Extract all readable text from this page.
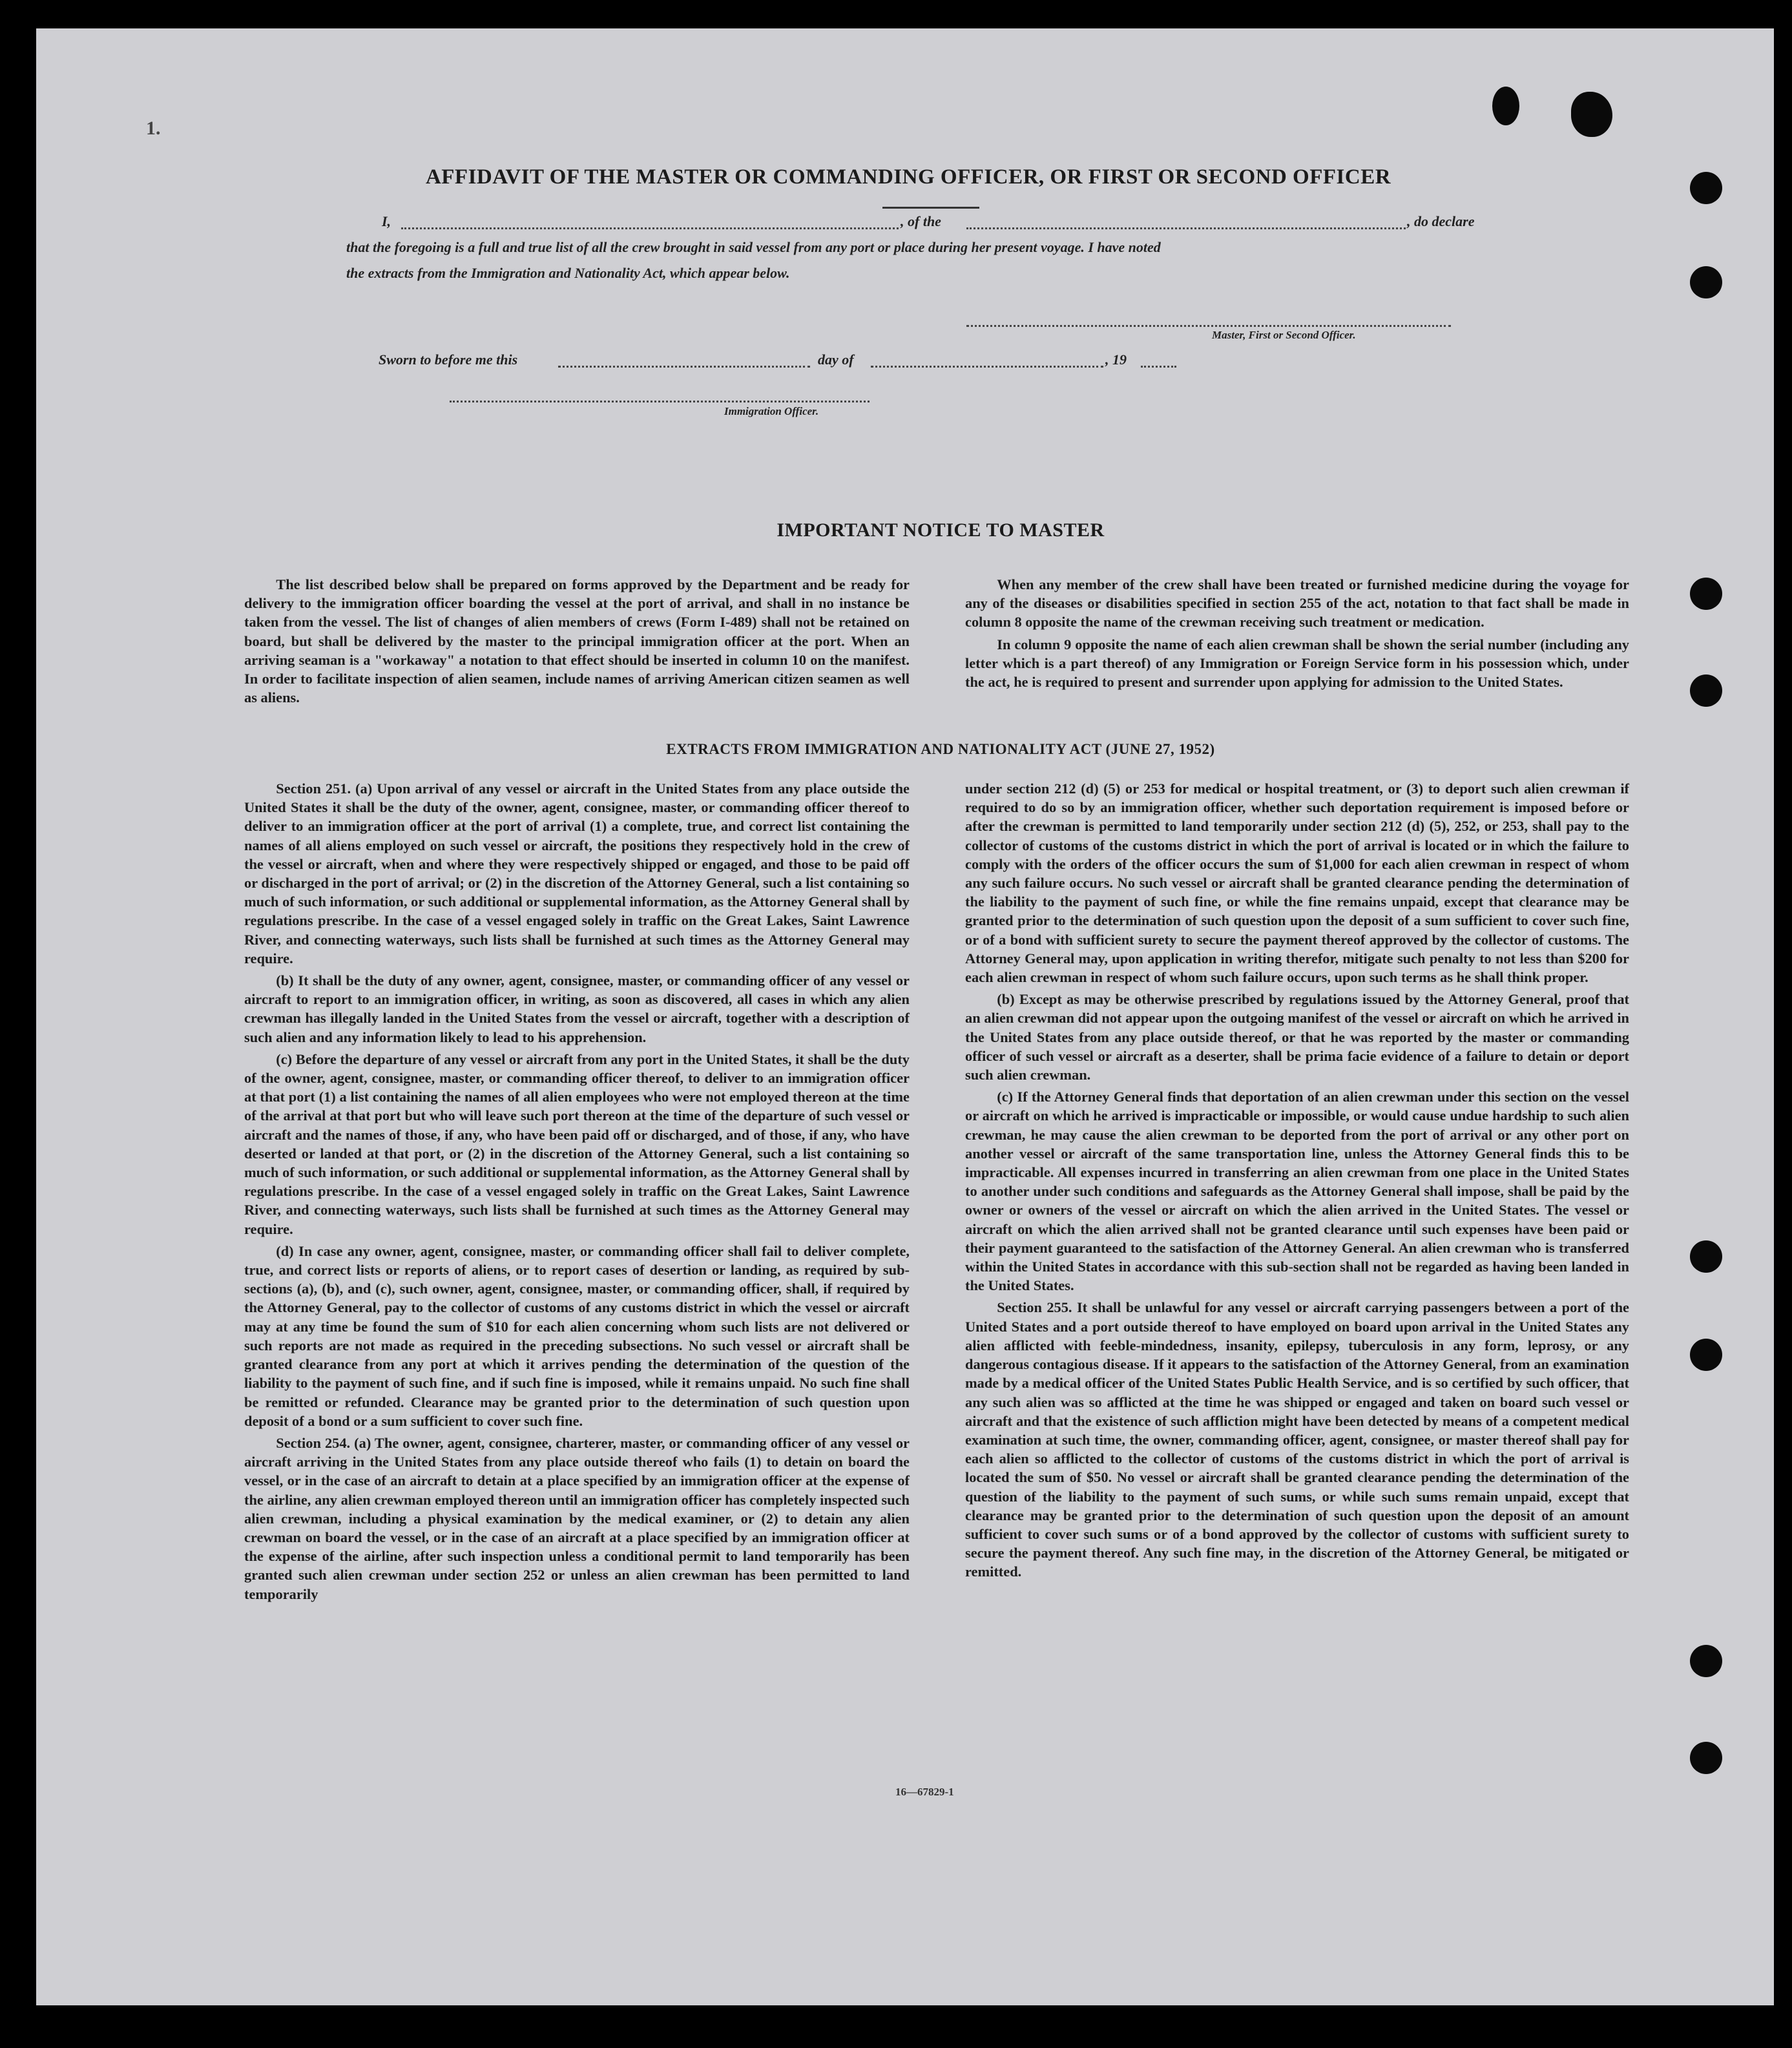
1.
AFFIDAVIT OF THE MASTER OR COMMANDING OFFICER, OR FIRST OR SECOND OFFICER
I,	, of the	, do declare
that the foregoing is a full and true list of all the crew brought in said vessel from any port or place during her present voyage. I have noted
the extracts from the Immigration and Nationality Act, which appear below.
Master, First or Second Officer.
Sworn to before me this	day of	, 19
Immigration Officer.
IMPORTANT NOTICE TO MASTER

The list described below shall be prepared on forms approved by the Department and be ready for delivery to the immigration officer boarding the vessel at the port of arrival, and shall in no instance be taken from the vessel. The list of changes of alien members of crews (Form I-489) shall not be retained on board, but shall be delivered by the master to the principal immigration officer at the port. When an arriving seaman is a "workaway" a notation to that effect should be inserted in column 10 on the manifest. In order to facilitate inspection of alien seamen, include names of arriving American citizen seamen as well as aliens.

When any member of the crew shall have been treated or furnished medicine during the voyage for any of the diseases or disabilities specified in section 255 of the act, notation to that fact shall be made in column 8 opposite the name of the crewman receiving such treatment or medication.

In column 9 opposite the name of each alien crewman shall be shown the serial number (including any letter which is a part thereof) of any Immigration or Foreign Service form in his possession which, under the act, he is required to present and surrender upon applying for admission to the United States.

EXTRACTS FROM IMMIGRATION AND NATIONALITY ACT (JUNE 27, 1952)

Section 251. (a) Upon arrival of any vessel or aircraft in the United States from any place outside the United States it shall be the duty of the owner, agent, consignee, master, or commanding officer thereof to deliver to an immigration officer at the port of arrival (1) a complete, true, and correct list containing the names of all aliens employed on such vessel or aircraft, the positions they respectively hold in the crew of the vessel or aircraft, when and where they were respectively shipped or engaged, and those to be paid off or discharged in the port of arrival; or (2) in the discretion of the Attorney General, such a list containing so much of such information, or such additional or supplemental information, as the Attorney General shall by regulations prescribe. In the case of a vessel engaged solely in traffic on the Great Lakes, Saint Lawrence River, and connecting waterways, such lists shall be furnished at such times as the Attorney General may require.

(b) It shall be the duty of any owner, agent, consignee, master, or commanding officer of any vessel or aircraft to report to an immigration officer, in writing, as soon as discovered, all cases in which any alien crewman has illegally landed in the United States from the vessel or aircraft, together with a description of such alien and any information likely to lead to his apprehension.

(c) Before the departure of any vessel or aircraft from any port in the United States, it shall be the duty of the owner, agent, consignee, master, or commanding officer thereof, to deliver to an immigration officer at that port (1) a list containing the names of all alien employees who were not employed thereon at the time of the arrival at that port but who will leave such port thereon at the time of the departure of such vessel or aircraft and the names of those, if any, who have been paid off or discharged, and of those, if any, who have deserted or landed at that port, or (2) in the discretion of the Attorney General, such a list containing so much of such information, or such additional or supplemental information, as the Attorney General shall by regulations prescribe. In the case of a vessel engaged solely in traffic on the Great Lakes, Saint Lawrence River, and connecting waterways, such lists shall be furnished at such times as the Attorney General may require.

(d) In case any owner, agent, consignee, master, or commanding officer shall fail to deliver complete, true, and correct lists or reports of aliens, or to report cases of desertion or landing, as required by sub-sections (a), (b), and (c), such owner, agent, consignee, master, or commanding officer, shall, if required by the Attorney General, pay to the collector of customs of any customs district in which the vessel or aircraft may at any time be found the sum of $10 for each alien concerning whom such lists are not delivered or such reports are not made as required in the preceding subsections. No such vessel or aircraft shall be granted clearance from any port at which it arrives pending the determination of the question of the liability to the payment of such fine, and if such fine is imposed, while it remains unpaid. No such fine shall be remitted or refunded. Clearance may be granted prior to the determination of such question upon deposit of a bond or a sum sufficient to cover such fine.

Section 254. (a) The owner, agent, consignee, charterer, master, or commanding officer of any vessel or aircraft arriving in the United States from any place outside thereof who fails (1) to detain on board the vessel, or in the case of an aircraft to detain at a place specified by an immigration officer at the expense of the airline, any alien crewman employed thereon until an immigration officer has completely inspected such alien crewman, including a physical examination by the medical examiner, or (2) to detain any alien crewman on board the vessel, or in the case of an aircraft at a place specified by an immigration officer at the expense of the airline, after such inspection unless a conditional permit to land temporarily has been granted such alien crewman under section 252 or unless an alien crewman has been permitted to land temporarily

under section 212 (d) (5) or 253 for medical or hospital treatment, or (3) to deport such alien crewman if required to do so by an immigration officer, whether such deportation requirement is imposed before or after the crewman is permitted to land temporarily under section 212 (d) (5), 252, or 253, shall pay to the collector of customs of the customs district in which the port of arrival is located or in which the failure to comply with the orders of the officer occurs the sum of $1,000 for each alien crewman in respect of whom any such failure occurs. No such vessel or aircraft shall be granted clearance pending the determination of the liability to the payment of such fine, or while the fine remains unpaid, except that clearance may be granted prior to the determination of such question upon the deposit of a sum sufficient to cover such fine, or of a bond with sufficient surety to secure the payment thereof approved by the collector of customs. The Attorney General may, upon application in writing therefor, mitigate such penalty to not less than $200 for each alien crewman in respect of whom such failure occurs, upon such terms as he shall think proper.

(b) Except as may be otherwise prescribed by regulations issued by the Attorney General, proof that an alien crewman did not appear upon the outgoing manifest of the vessel or aircraft on which he arrived in the United States from any place outside thereof, or that he was reported by the master or commanding officer of such vessel or aircraft as a deserter, shall be prima facie evidence of a failure to detain or deport such alien crewman.

(c) If the Attorney General finds that deportation of an alien crewman under this section on the vessel or aircraft on which he arrived is impracticable or impossible, or would cause undue hardship to such alien crewman, he may cause the alien crewman to be deported from the port of arrival or any other port on another vessel or aircraft of the same transportation line, unless the Attorney General finds this to be impracticable. All expenses incurred in transferring an alien crewman from one place in the United States to another under such conditions and safeguards as the Attorney General shall impose, shall be paid by the owner or owners of the vessel or aircraft on which the alien arrived in the United States. The vessel or aircraft on which the alien arrived shall not be granted clearance until such expenses have been paid or their payment guaranteed to the satisfaction of the Attorney General. An alien crewman who is transferred within the United States in accordance with this sub-section shall not be regarded as having been landed in the United States.

Section 255. It shall be unlawful for any vessel or aircraft carrying passengers between a port of the United States and a port outside thereof to have employed on board upon arrival in the United States any alien afflicted with feeble-mindedness, insanity, epilepsy, tuberculosis in any form, leprosy, or any dangerous contagious disease. If it appears to the satisfaction of the Attorney General, from an examination made by a medical officer of the United States Public Health Service, and is so certified by such officer, that any such alien was so afflicted at the time he was shipped or engaged and taken on board such vessel or aircraft and that the existence of such affliction might have been detected by means of a competent medical examination at such time, the owner, commanding officer, agent, consignee, or master thereof shall pay for each alien so afflicted to the collector of customs of the customs district in which the port of arrival is located the sum of $50. No vessel or aircraft shall be granted clearance pending the determination of the question of the liability to the payment of such sums, or while such sums remain unpaid, except that clearance may be granted prior to the determination of such question upon the deposit of an amount sufficient to cover such sums or of a bond approved by the collector of customs with sufficient surety to secure the payment thereof. Any such fine may, in the discretion of the Attorney General, be mitigated or remitted.

16—67829-1
